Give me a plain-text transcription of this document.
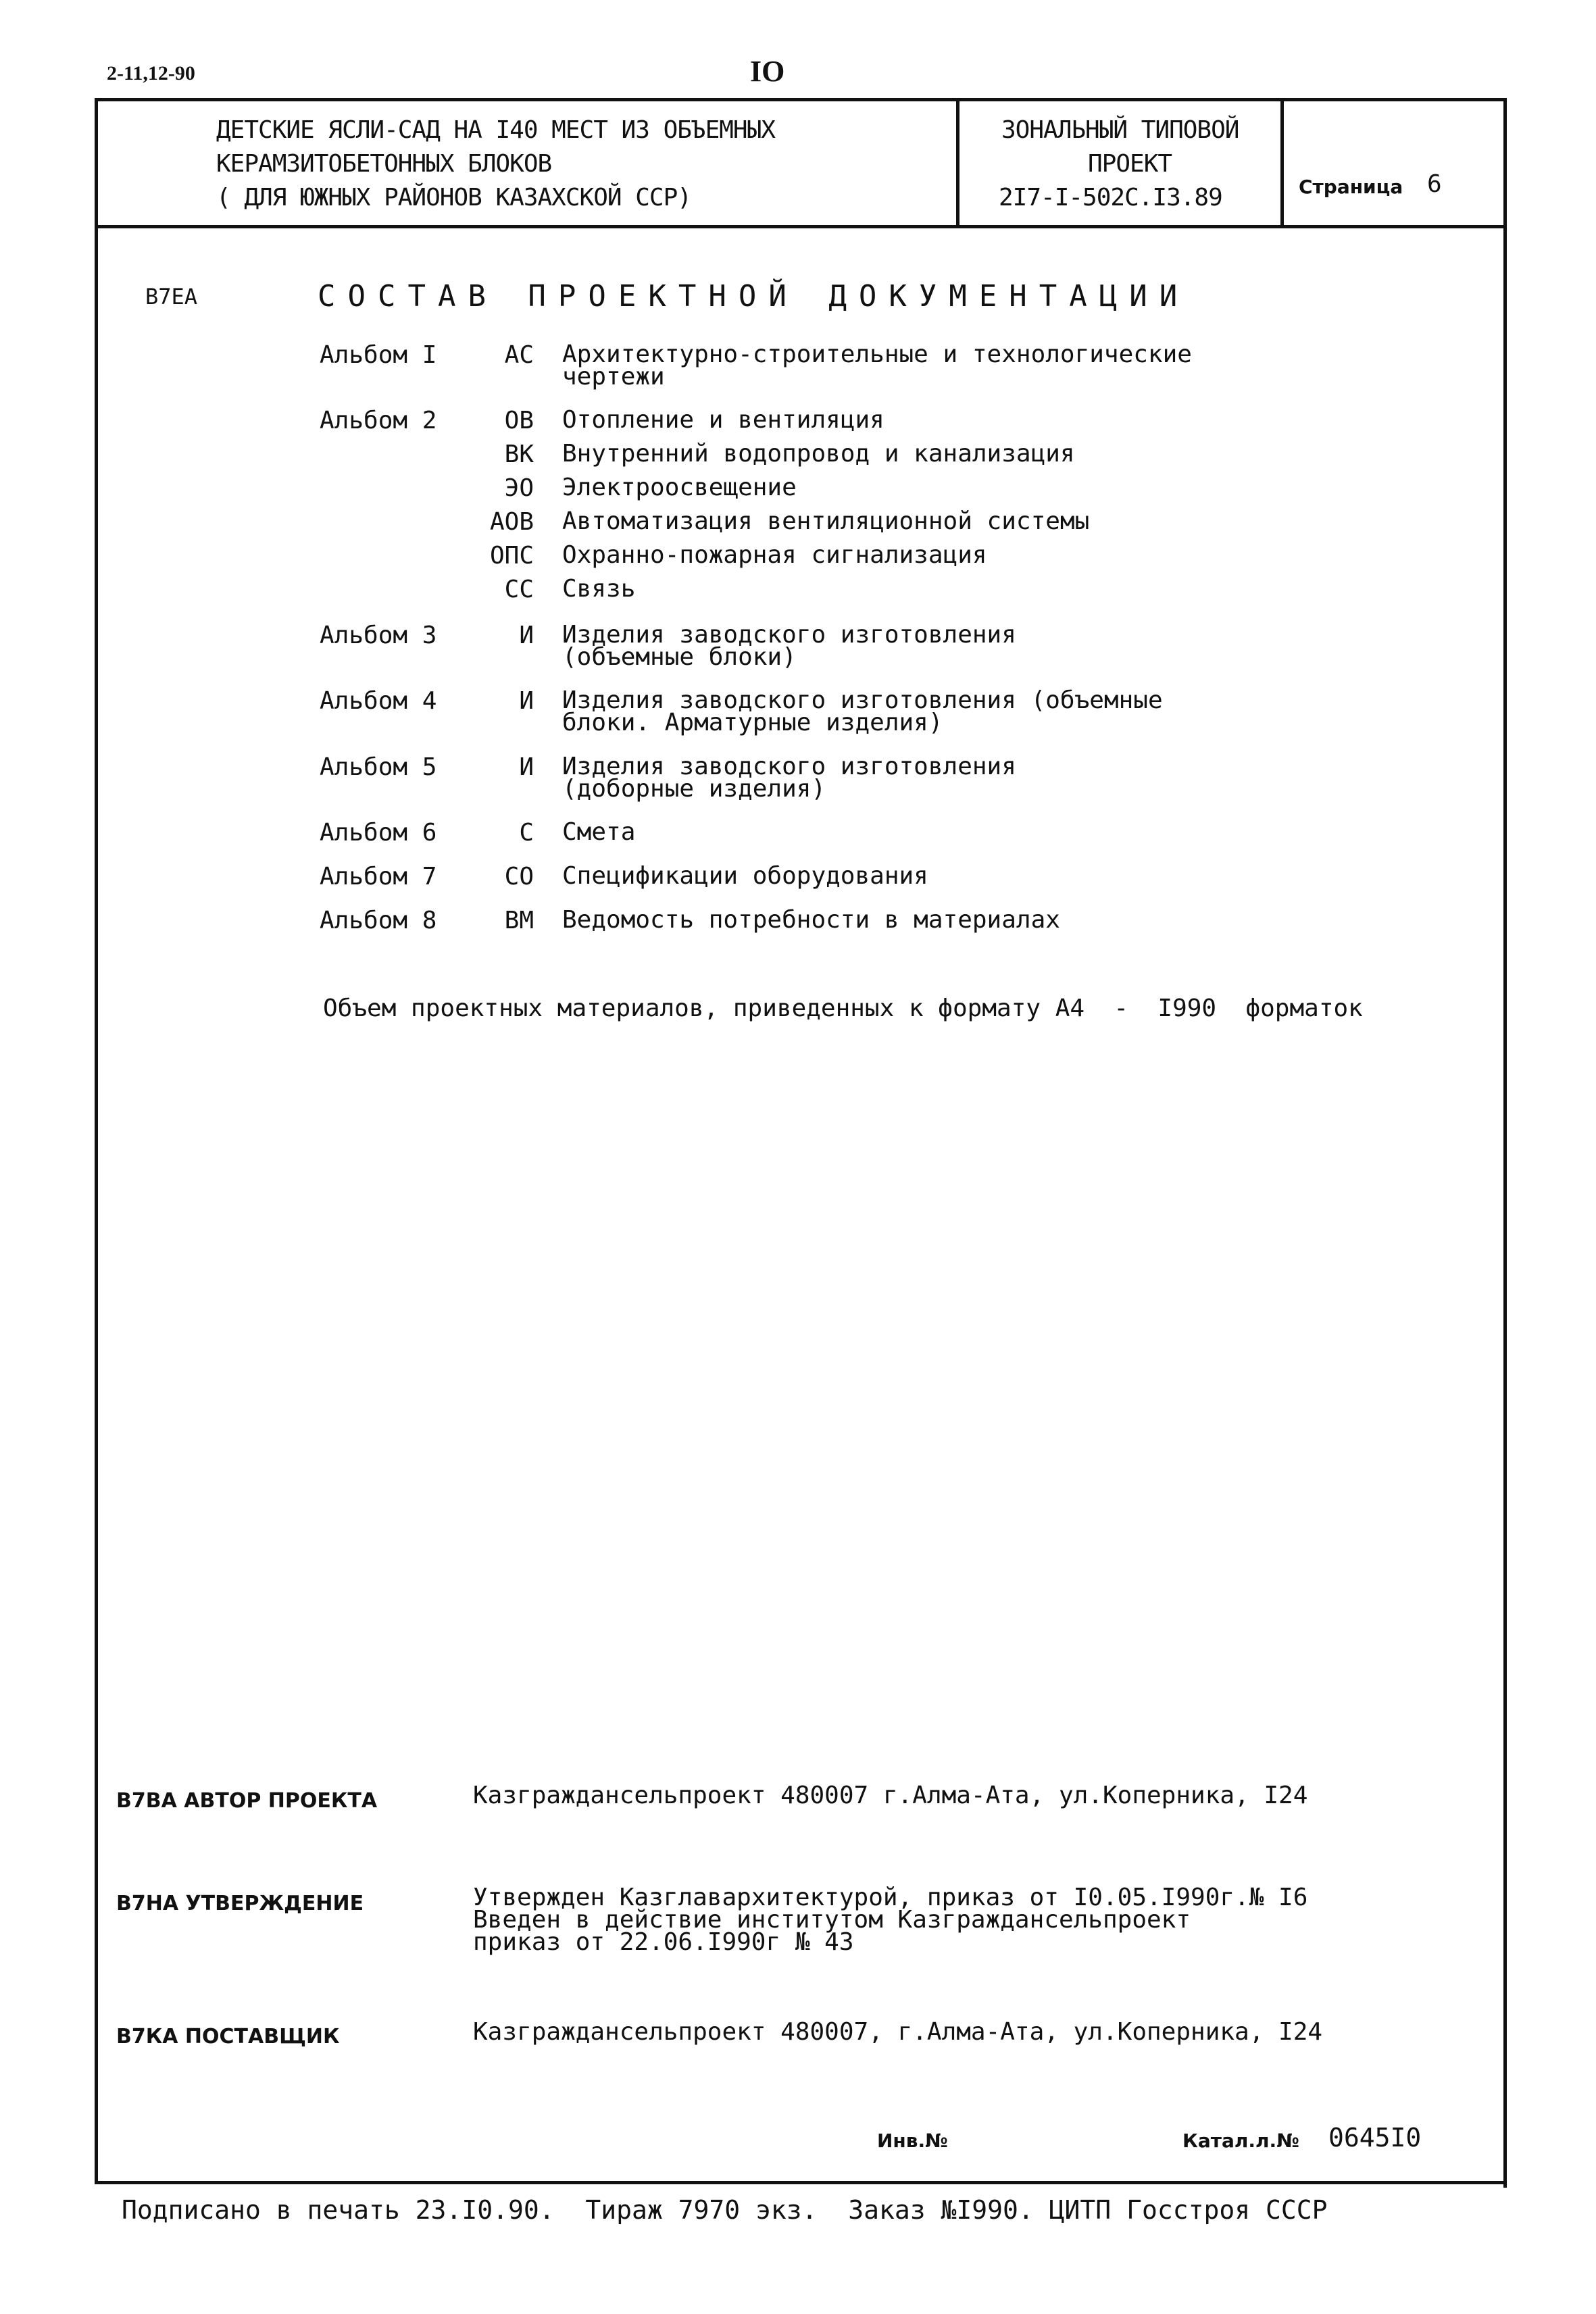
2-11,12-90	IO
ДЕТСКИЕ ЯСЛИ-САД НА I40 МЕСТ ИЗ ОБЪЕМНЫХ
КЕРАМЗИТОБЕТОННЫХ БЛОКОВ
( ДЛЯ ЮЖНЫХ РАЙОНОВ КАЗАХСКОЙ ССР)
ЗОНАЛЬНЫЙ ТИПОВОЙ
ПРОЕКТ
2I7-I-502С.I3.89	Страница 6
В7ЕА	СОСТАВ ПРОЕКТНОЙ ДОКУМЕНТАЦИИ
Альбом I	АС Архитектурно-строительные и технологические
чертежи
Альбом 2	ОВ Отопление и вентиляция
ВК Внутренний водопровод и канализация
ЭО Электроосвещение
АОВ Автоматизация вентиляционной системы
ОПС Охранно-пожарная сигнализация
СС Связь
Альбом 3	И Изделия заводского изготовления
(объемные блоки)
Альбом 4	И Изделия заводского изготовления (объемные
блоки. Арматурные изделия)
Альбом 5	И Изделия заводского изготовления
(доборные изделия)
Альбом 6	С Смета
Альбом 7	СО Спецификации оборудования
Альбом 8	ВМ Ведомость потребности в материалах
Объем проектных материалов, приведенных к формату А4  -  I990  форматок
В7ВА АВТОР ПРОЕКТА	Казграждансельпроект 480007 г.Алма-Ата, ул.Коперника, I24
В7НА УТВЕРЖДЕНИЕ	Утвержден Казглавархитектурой, приказ от I0.05.I990г.№ I6
Введен в действие институтом Казграждансельпроект
приказ от 22.06.I990г № 43
В7КА ПОСТАВЩИК	Казграждансельпроект 480007, г.Алма-Ата, ул.Коперника, I24
Инв.№	Катал.л.№ 0645I0
Подписано в печать 23.I0.90.  Тираж 7970 экз.  Заказ №I990. ЦИТП Госстроя СССР
